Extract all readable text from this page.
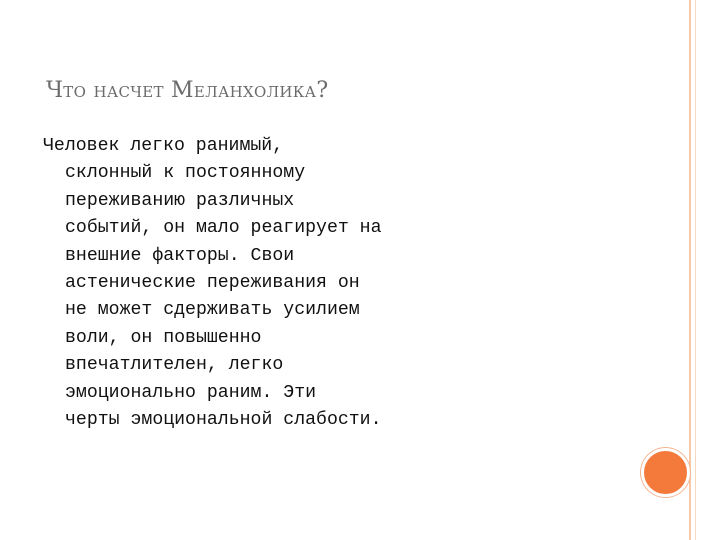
Что насчет Меланхолика?
Человек легко ранимый,
склонный к постоянному
переживанию различных
событий, он мало реагирует на
внешние факторы. Свои
астенические переживания он
не может сдерживать усилием
воли, он повышенно
впечатлителен, легко
эмоционально раним. Эти
черты эмоциональной слабости.
